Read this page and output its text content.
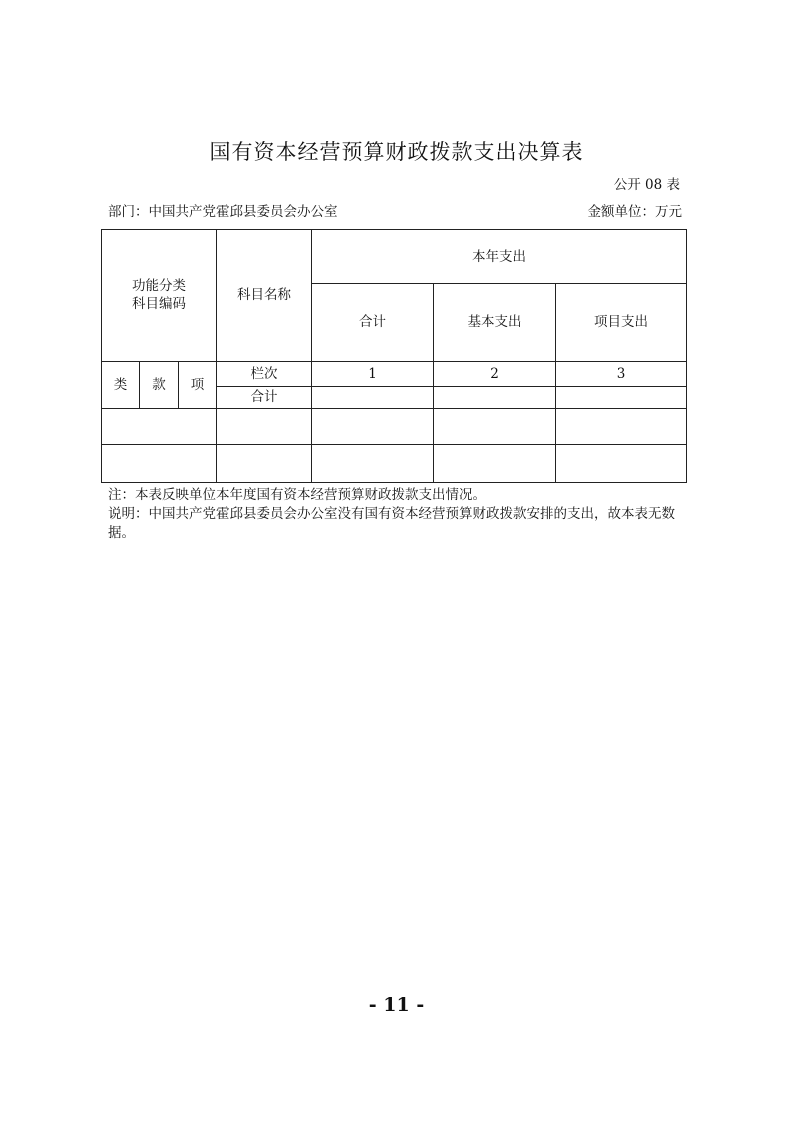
国有资本经营预算财政拨款支出决算表
公开 08 表
部门：中国共产党霍邱县委员会办公室	金额单位：万元
功能分类
科目编码			科目名称	本年支出		
				合计	基本支出	项目支出
类	款	项	栏次	1	2	3
			合计			

注：本表反映单位本年度国有资本经营预算财政拨款支出情况。

说明：中国共产党霍邱县委员会办公室没有国有资本经营预算财政拨款安排的支出，故本表无数据。

- 11 -
